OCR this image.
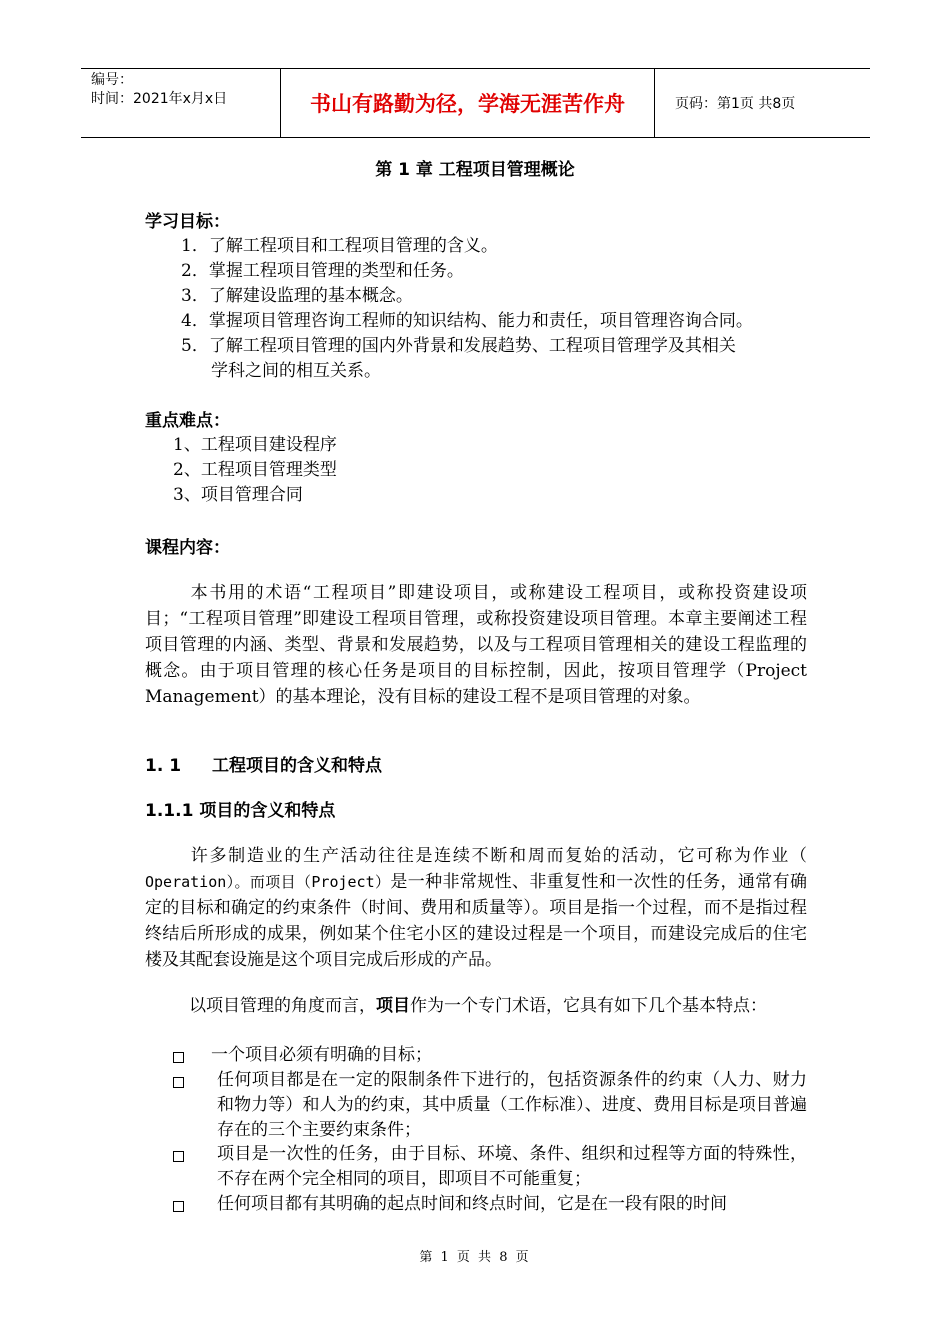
编号：
时间：2021年x月x日	书山有路勤为径，学海无涯苦作舟	页码：第1页 共8页
第 1 章 工程项目管理概论
学习目标：
1．了解工程项目和工程项目管理的含义。
2．掌握工程项目管理的类型和任务。
3．了解建设监理的基本概念。
4．掌握项目管理咨询工程师的知识结构、能力和责任，项目管理咨询合同。
5．了解工程项目管理的国内外背景和发展趋势、工程项目管理学及其相关
学科之间的相互关系。
重点难点：
1、工程项目建设程序
2、工程项目管理类型
3、项目管理合同
课程内容：
本书用的术语“工程项目”即建设项目，或称建设工程项目，或称投资建设项目；“工程项目管理”即建设工程项目管理，或称投资建设项目管理。本章主要阐述工程项目管理的内涵、类型、背景和发展趋势，以及与工程项目管理相关的建设工程监理的概念。由于项目管理的核心任务是项目的目标控制，因此，按项目管理学（Project Management）的基本理论，没有目标的建设工程不是项目管理的对象。
1. 1 工程项目的含义和特点
1.1.1 项目的含义和特点
许多制造业的生产活动往往是连续不断和周而复始的活动，它可称为作业（ Operation）。而项目（Project）是一种非常规性、非重复性和一次性的任务，通常有确定的目标和确定的约束条件（时间、费用和质量等）。项目是指一个过程，而不是指过程终结后所形成的成果，例如某个住宅小区的建设过程是一个项目，而建设完成后的住宅楼及其配套设施是这个项目完成后形成的产品。
以项目管理的角度而言，项目作为一个专门术语，它具有如下几个基本特点：
一个项目必须有明确的目标；
任何项目都是在一定的限制条件下进行的，包括资源条件的约束（人力、财力和物力等）和人为的约束，其中质量（工作标准）、进度、费用目标是项目普遍存在的三个主要约束条件；
项目是一次性的任务，由于目标、环境、条件、组织和过程等方面的特殊性，不存在两个完全相同的项目，即项目不可能重复；
任何项目都有其明确的起点时间和终点时间，它是在一段有限的时间
第 1 页 共 8 页
